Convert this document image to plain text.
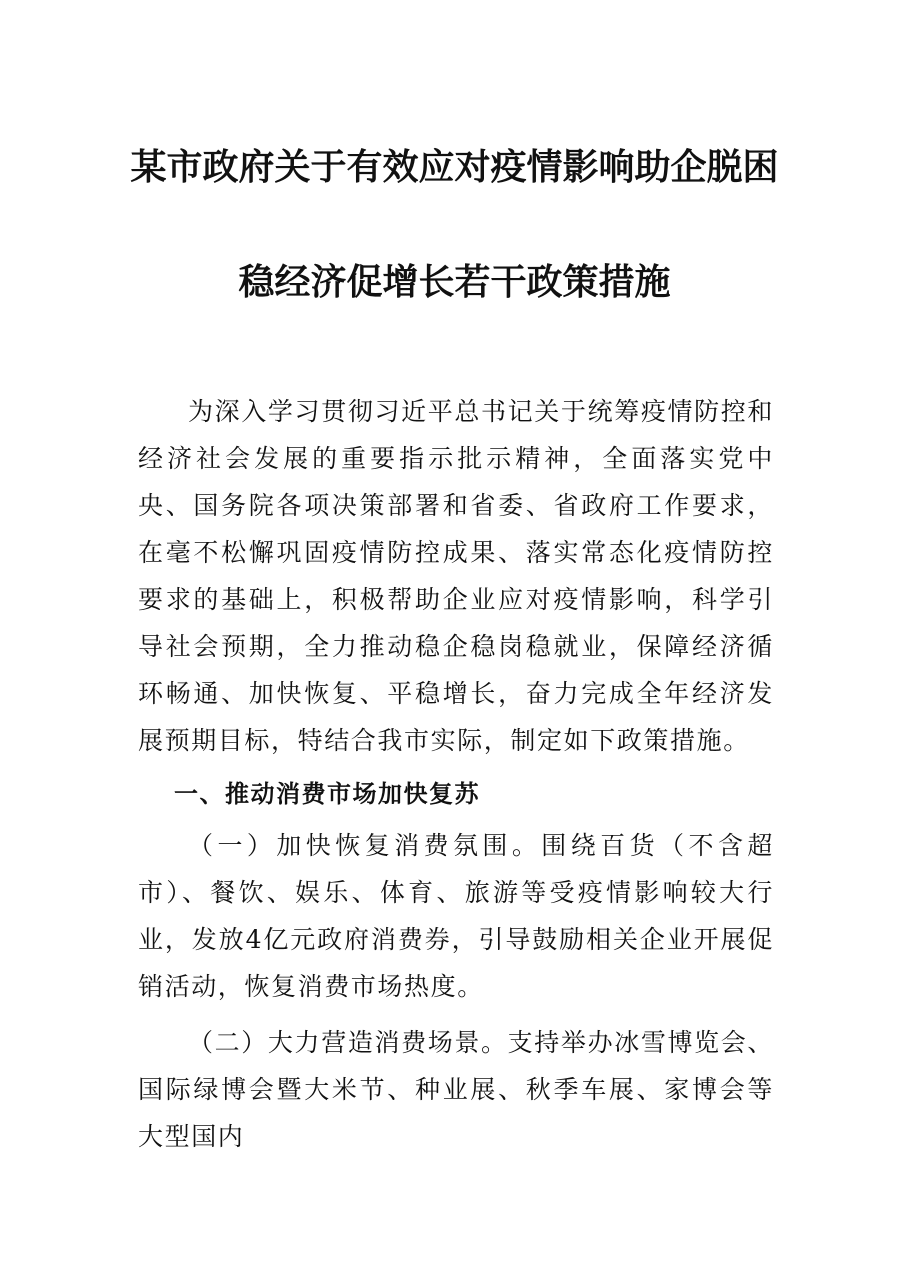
某市政府关于有效应对疫情影响助企脱困
稳经济促增长若干政策措施

为深入学习贯彻习近平总书记关于统筹疫情防控和经济社会发展的重要指示批示精神，全面落实党中央、国务院各项决策部署和省委、省政府工作要求，在毫不松懈巩固疫情防控成果、落实常态化疫情防控要求的基础上，积极帮助企业应对疫情影响，科学引导社会预期，全力推动稳企稳岗稳就业，保障经济循环畅通、加快恢复、平稳增长，奋力完成全年经济发展预期目标，特结合我市实际，制定如下政策措施。

一、推动消费市场加快复苏

（一）加快恢复消费氛围。围绕百货（不含超市）、餐饮、娱乐、体育、旅游等受疫情影响较大行业，发放4亿元政府消费券，引导鼓励相关企业开展促销活动，恢复消费市场热度。

（二）大力营造消费场景。支持举办冰雪博览会、国际绿博会暨大米节、种业展、秋季车展、家博会等大型国内
